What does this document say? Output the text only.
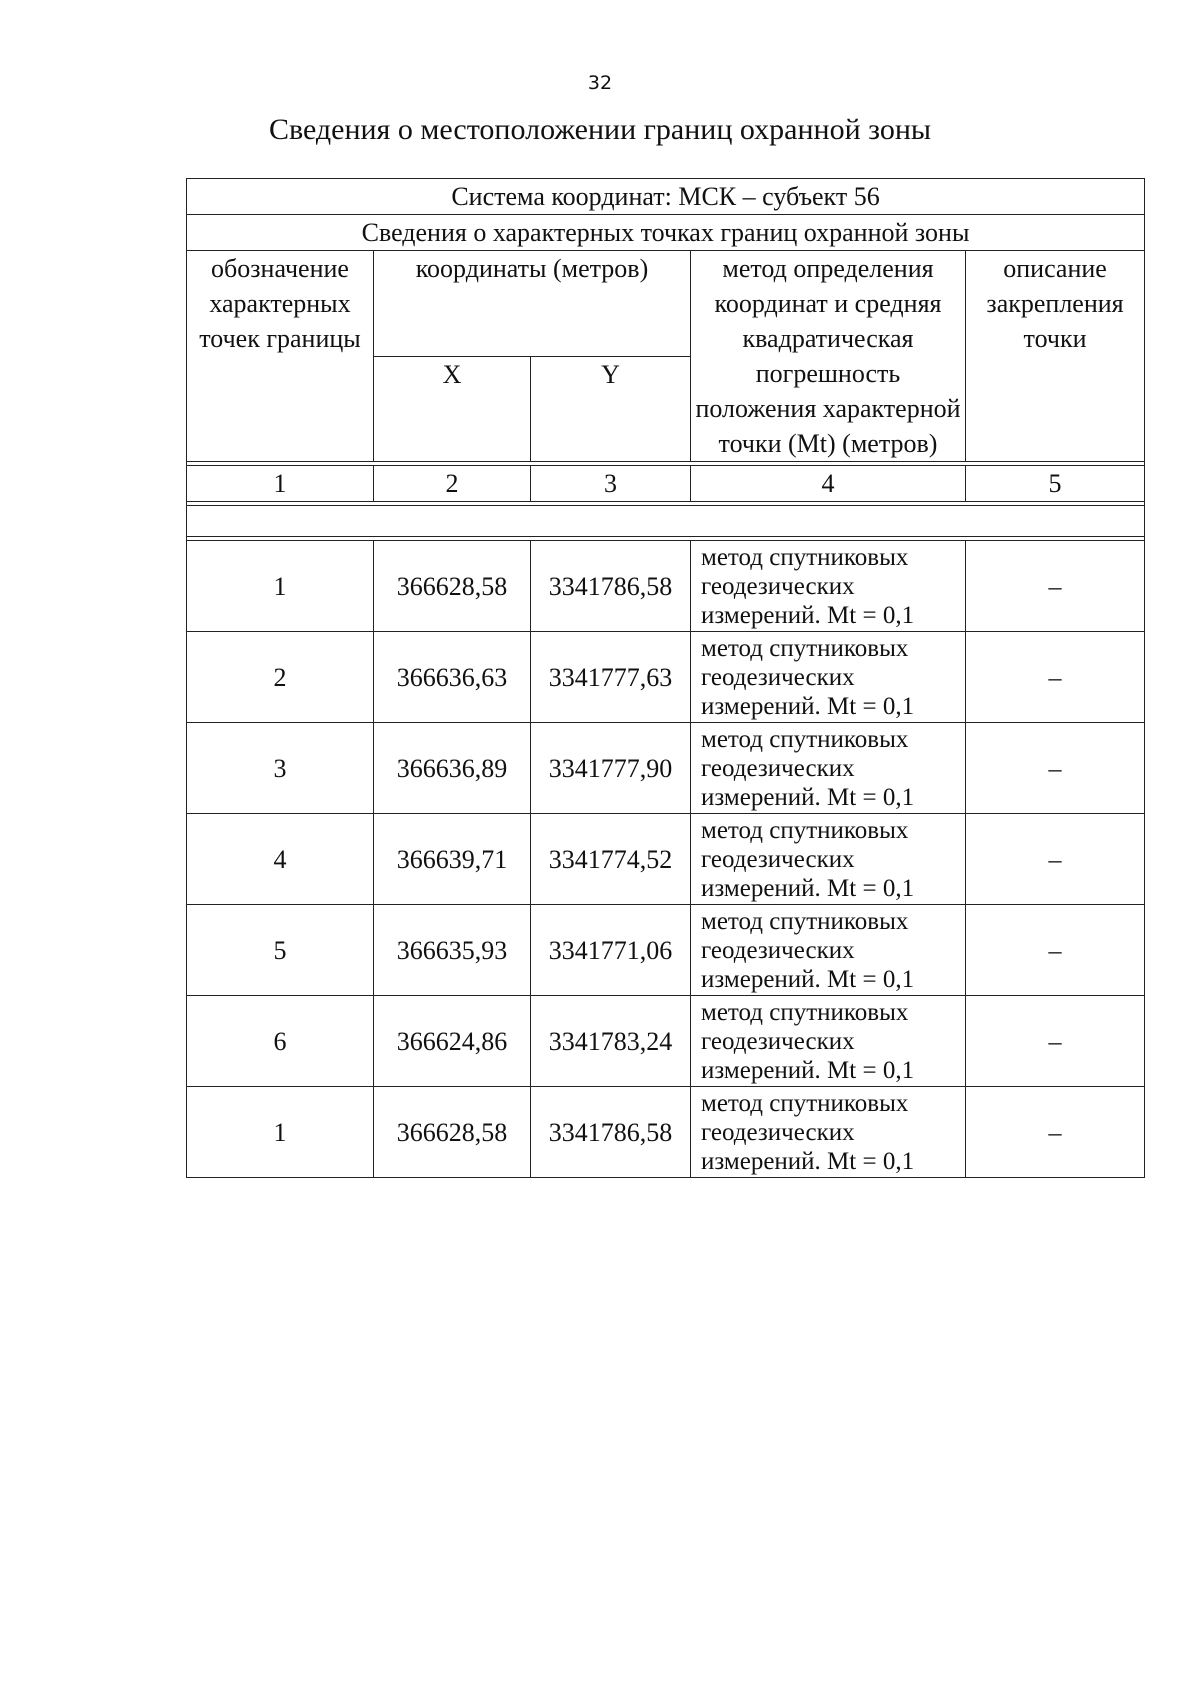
32
Сведения о местоположении границ охранной зоны
Система координат: МСК – субъект 56				
Сведения о характерных точках границ охранной зоны				
обозначение характерных точек границы	координаты (метров)		метод определения координат и средняя квадратическая погрешность положения характерной точки (Mt) (метров)	описание закрепления точки
	X	Y		

1	2	3	4	5

1	366628,58	3341786,58	метод спутниковых геодезических измерений. Mt = 0,1	–
2	366636,63	3341777,63	метод спутниковых геодезических измерений. Mt = 0,1	–
3	366636,89	3341777,90	метод спутниковых геодезических измерений. Mt = 0,1	–
4	366639,71	3341774,52	метод спутниковых геодезических измерений. Mt = 0,1	–
5	366635,93	3341771,06	метод спутниковых геодезических измерений. Mt = 0,1	–
6	366624,86	3341783,24	метод спутниковых геодезических измерений. Mt = 0,1	–
1	366628,58	3341786,58	метод спутниковых геодезических измерений. Mt = 0,1	–
